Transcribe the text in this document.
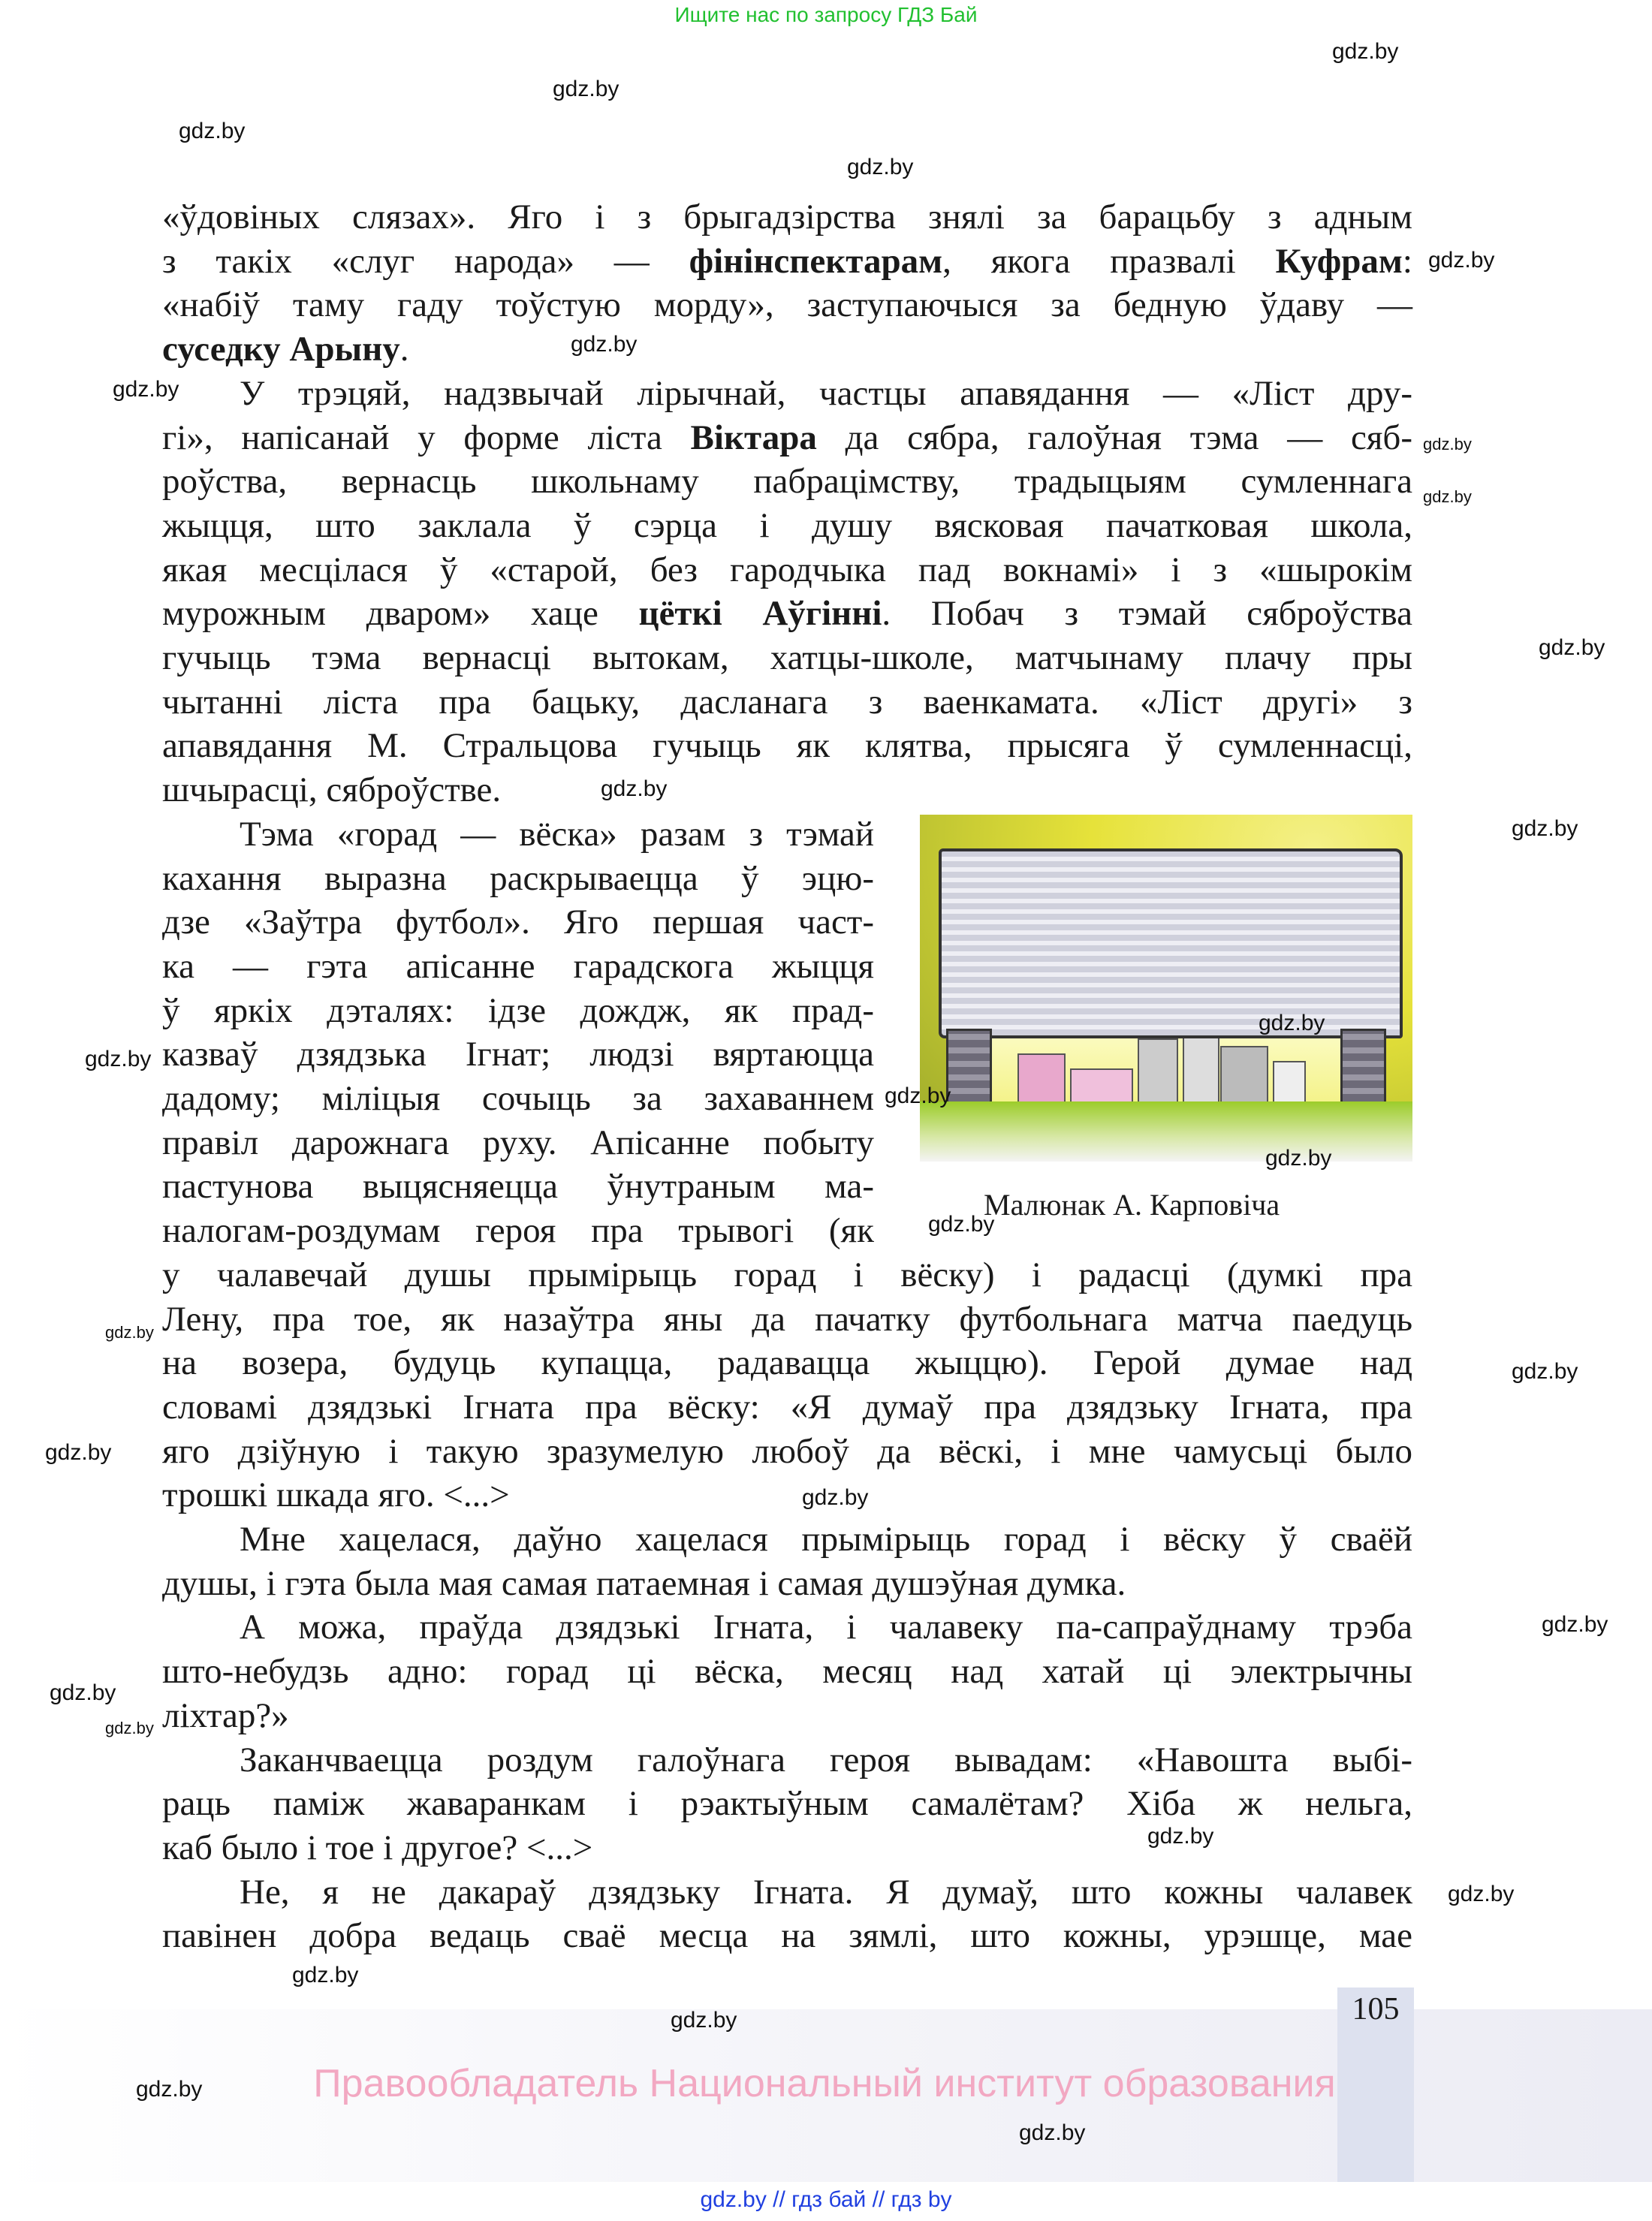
Ищите нас по запросу ГДЗ Бай
«ўдовіных слязах». Яго і з брыгадзірства знялі за барацьбу з адным
з такіх «слуг народа» — фінінспектарам, якога празвалі Куфрам:
«набіў таму гаду тоўстую морду», заступаючыся за бедную ўдаву —
суседку Арыну.
У трэцяй, надзвычай лірычнай, частцы апавядання — «Ліст дру-
гі», напісанай у форме ліста Віктара да сябра, галоўная тэма — сяб-
роўства, вернасць школьнаму пабрацімству, традыцыям сумленнага
жыцця, што заклала ў сэрца і душу вясковая пачатковая школа,
якая месцілася ў «старой, без гародчыка пад вокнамі» і з «шырокім
мурожным дваром» хаце цёткі Аўгінні. Побач з тэмай сяброўства
гучыць тэма вернасці вытокам, хатцы-школе, матчынаму плачу пры
чытанні ліста пра бацьку, дасланага з ваенкамата. «Ліст другі» з
апавядання М. Стральцова гучыць як клятва, прысяга ў сумленнасці,
шчырасці, сяброўстве.
Тэма «горад — вёска» разам з тэмай
кахання выразна раскрываецца ў эцю-
дзе «Заўтра футбол». Яго першая част-
ка — гэта апісанне гарадскога жыцця
ў яркіх дэталях: ідзе дождж, як прад-
казваў дзядзька Ігнат; людзі вяртаюцца
дадому; міліцыя сочыць за захаваннем
правіл дарожнага руху. Апісанне побыту
пастунова выцясняецца ўнутраным ма-
налогам-роздумам героя пра трывогі (як
у чалавечай душы прымірыць горад і вёску) і радасці (думкі пра
Лену, пра тое, як назаўтра яны да пачатку футбольнага матча паедуць
на возера, будуць купацца, радавацца жыццю). Герой думае над
словамі дзядзькі Ігната пра вёску: «Я думаў пра дзядзьку Ігната, пра
яго дзіўную і такую зразумелую любоў да вёскі, і мне чамусьці было
трошкі шкада яго. <...>
Мне хацелася, даўно хацелася прымірыць горад і вёску ў сваёй
душы, і гэта была мая самая патаемная і самая душэўная думка.
А можа, праўда дзядзькі Ігната, і чалавеку па-сапраўднаму трэба
што-небудзь адно: горад ці вёска, месяц над хатай ці электрычны
ліхтар?»
Заканчваецца роздум галоўнага героя вывадам: «Навошта выбі-
раць паміж жаваранкам і рэактыўным самалётам? Хіба ж нельга,
каб было і тое і другое? <...>
Не, я не дакараў дзядзьку Ігната. Я думаў, што кожны чалавек
павінен добра ведаць сваё месца на зямлі, што кожны, урэшце, мае
Малюнак А. Карповіча
105
Правообладатель Национальный институт образования
gdz.by // гдз бай // гдз by
gdz.by
gdz.by
gdz.by
gdz.by
gdz.by
gdz.by
gdz.by
gdz.by
gdz.by
gdz.by
gdz.by
gdz.by
gdz.by
gdz.by
gdz.by
gdz.by
gdz.by
gdz.by
gdz.by
gdz.by
gdz.by
gdz.by
gdz.by
gdz.by
gdz.by
gdz.by
gdz.by
gdz.by
gdz.by
gdz.by
